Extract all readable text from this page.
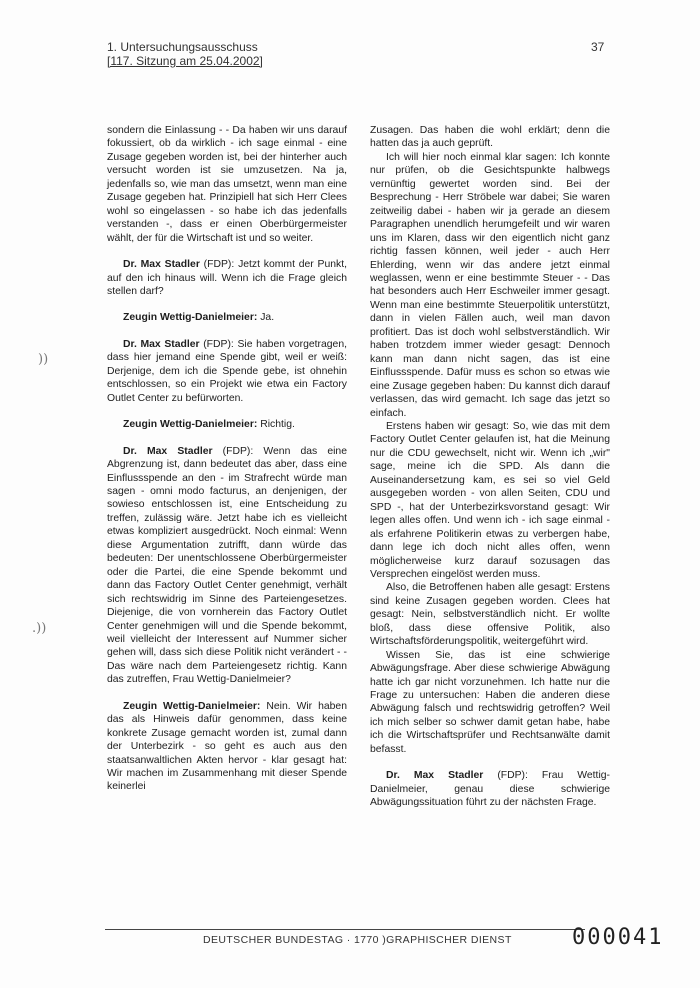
1. Untersuchungsausschuss
[117. Sitzung am 25.04.2002]
37
))
.))

sondern die Einlassung - - Da haben wir uns darauf fokussiert, ob da wirklich - ich sage einmal - eine Zusage gegeben worden ist, bei der hinterher auch versucht worden ist sie umzusetzen. Na ja, jedenfalls so, wie man das umsetzt, wenn man eine Zusage gegeben hat. Prinzipiell hat sich Herr Clees wohl so eingelassen - so habe ich das jedenfalls verstanden -, dass er einen Oberbürgermeister wählt, der für die Wirtschaft ist und so weiter.

Dr. Max Stadler (FDP): Jetzt kommt der Punkt, auf den ich hinaus will. Wenn ich die Frage gleich stellen darf?

Zeugin Wettig-Danielmeier: Ja.

Dr. Max Stadler (FDP): Sie haben vorgetragen, dass hier jemand eine Spende gibt, weil er weiß: Derjenige, dem ich die Spende gebe, ist ohnehin entschlossen, so ein Projekt wie etwa ein Factory Outlet Center zu befürworten.

Zeugin Wettig-Danielmeier: Richtig.

Dr. Max Stadler (FDP): Wenn das eine Abgrenzung ist, dann bedeutet das aber, dass eine Einflussspende an den - im Strafrecht würde man sagen - omni modo facturus, an denjenigen, der sowieso entschlossen ist, eine Entscheidung zu treffen, zulässig wäre. Jetzt habe ich es vielleicht etwas kompliziert ausgedrückt. Noch einmal: Wenn diese Argumentation zutrifft, dann würde das bedeuten: Der unentschlossene Oberbürgermeister oder die Partei, die eine Spende bekommt und dann das Factory Outlet Center genehmigt, verhält sich rechtswidrig im Sinne des Parteiengesetzes. Diejenige, die von vornherein das Factory Outlet Center genehmigen will und die Spende bekommt, weil vielleicht der Interessent auf Nummer sicher gehen will, dass sich diese Politik nicht verändert - - Das wäre nach dem Parteiengesetz richtig. Kann das zutreffen, Frau Wettig-Danielmeier?

Zeugin Wettig-Danielmeier: Nein. Wir haben das als Hinweis dafür genommen, dass keine konkrete Zusage gemacht worden ist, zumal dann der Unterbezirk - so geht es auch aus den staatsanwaltlichen Akten hervor - klar gesagt hat: Wir machen im Zusammenhang mit dieser Spende keinerlei

Zusagen. Das haben die wohl erklärt; denn die hatten das ja auch geprüft.

Ich will hier noch einmal klar sagen: Ich konnte nur prüfen, ob die Gesichtspunkte halbwegs vernünftig gewertet worden sind. Bei der Besprechung - Herr Ströbele war dabei; Sie waren zeitweilig dabei - haben wir ja gerade an diesem Paragraphen unendlich herumgefeilt und wir waren uns im Klaren, dass wir den eigentlich nicht ganz richtig fassen können, weil jeder - auch Herr Ehlerding, wenn wir das andere jetzt einmal weglassen, wenn er eine bestimmte Steuer - - Das hat besonders auch Herr Eschweiler immer gesagt. Wenn man eine bestimmte Steuerpolitik unterstützt, dann in vielen Fällen auch, weil man davon profitiert. Das ist doch wohl selbstverständlich. Wir haben trotzdem immer wieder gesagt: Dennoch kann man dann nicht sagen, das ist eine Einflussspende. Dafür muss es schon so etwas wie eine Zusage gegeben haben: Du kannst dich darauf verlassen, das wird gemacht. Ich sage das jetzt so einfach.

Erstens haben wir gesagt: So, wie das mit dem Factory Outlet Center gelaufen ist, hat die Meinung nur die CDU gewechselt, nicht wir. Wenn ich „wir" sage, meine ich die SPD. Als dann die Auseinandersetzung kam, es sei so viel Geld ausgegeben worden - von allen Seiten, CDU und SPD -, hat der Unterbezirksvorstand gesagt: Wir legen alles offen. Und wenn ich - ich sage einmal - als erfahrene Politikerin etwas zu verbergen habe, dann lege ich doch nicht alles offen, wenn möglicherweise kurz darauf sozusagen das Versprechen eingelöst werden muss.

Also, die Betroffenen haben alle gesagt: Erstens sind keine Zusagen gegeben worden. Clees hat gesagt: Nein, selbstverständlich nicht. Er wollte bloß, dass diese offensive Politik, also Wirtschaftsförderungspolitik, weitergeführt wird.

Wissen Sie, das ist eine schwierige Abwägungsfrage. Aber diese schwierige Abwägung hatte ich gar nicht vorzunehmen. Ich hatte nur die Frage zu untersuchen: Haben die anderen diese Abwägung falsch und rechtswidrig getroffen? Weil ich mich selber so schwer damit getan habe, habe ich die Wirtschaftsprüfer und Rechtsanwälte damit befasst.

Dr. Max Stadler (FDP): Frau Wettig-Danielmeier, genau diese schwierige Abwägungssituation führt zu der nächsten Frage.

DEUTSCHER BUNDESTAG · 1770 )GRAPHISCHER DIENST	000041
